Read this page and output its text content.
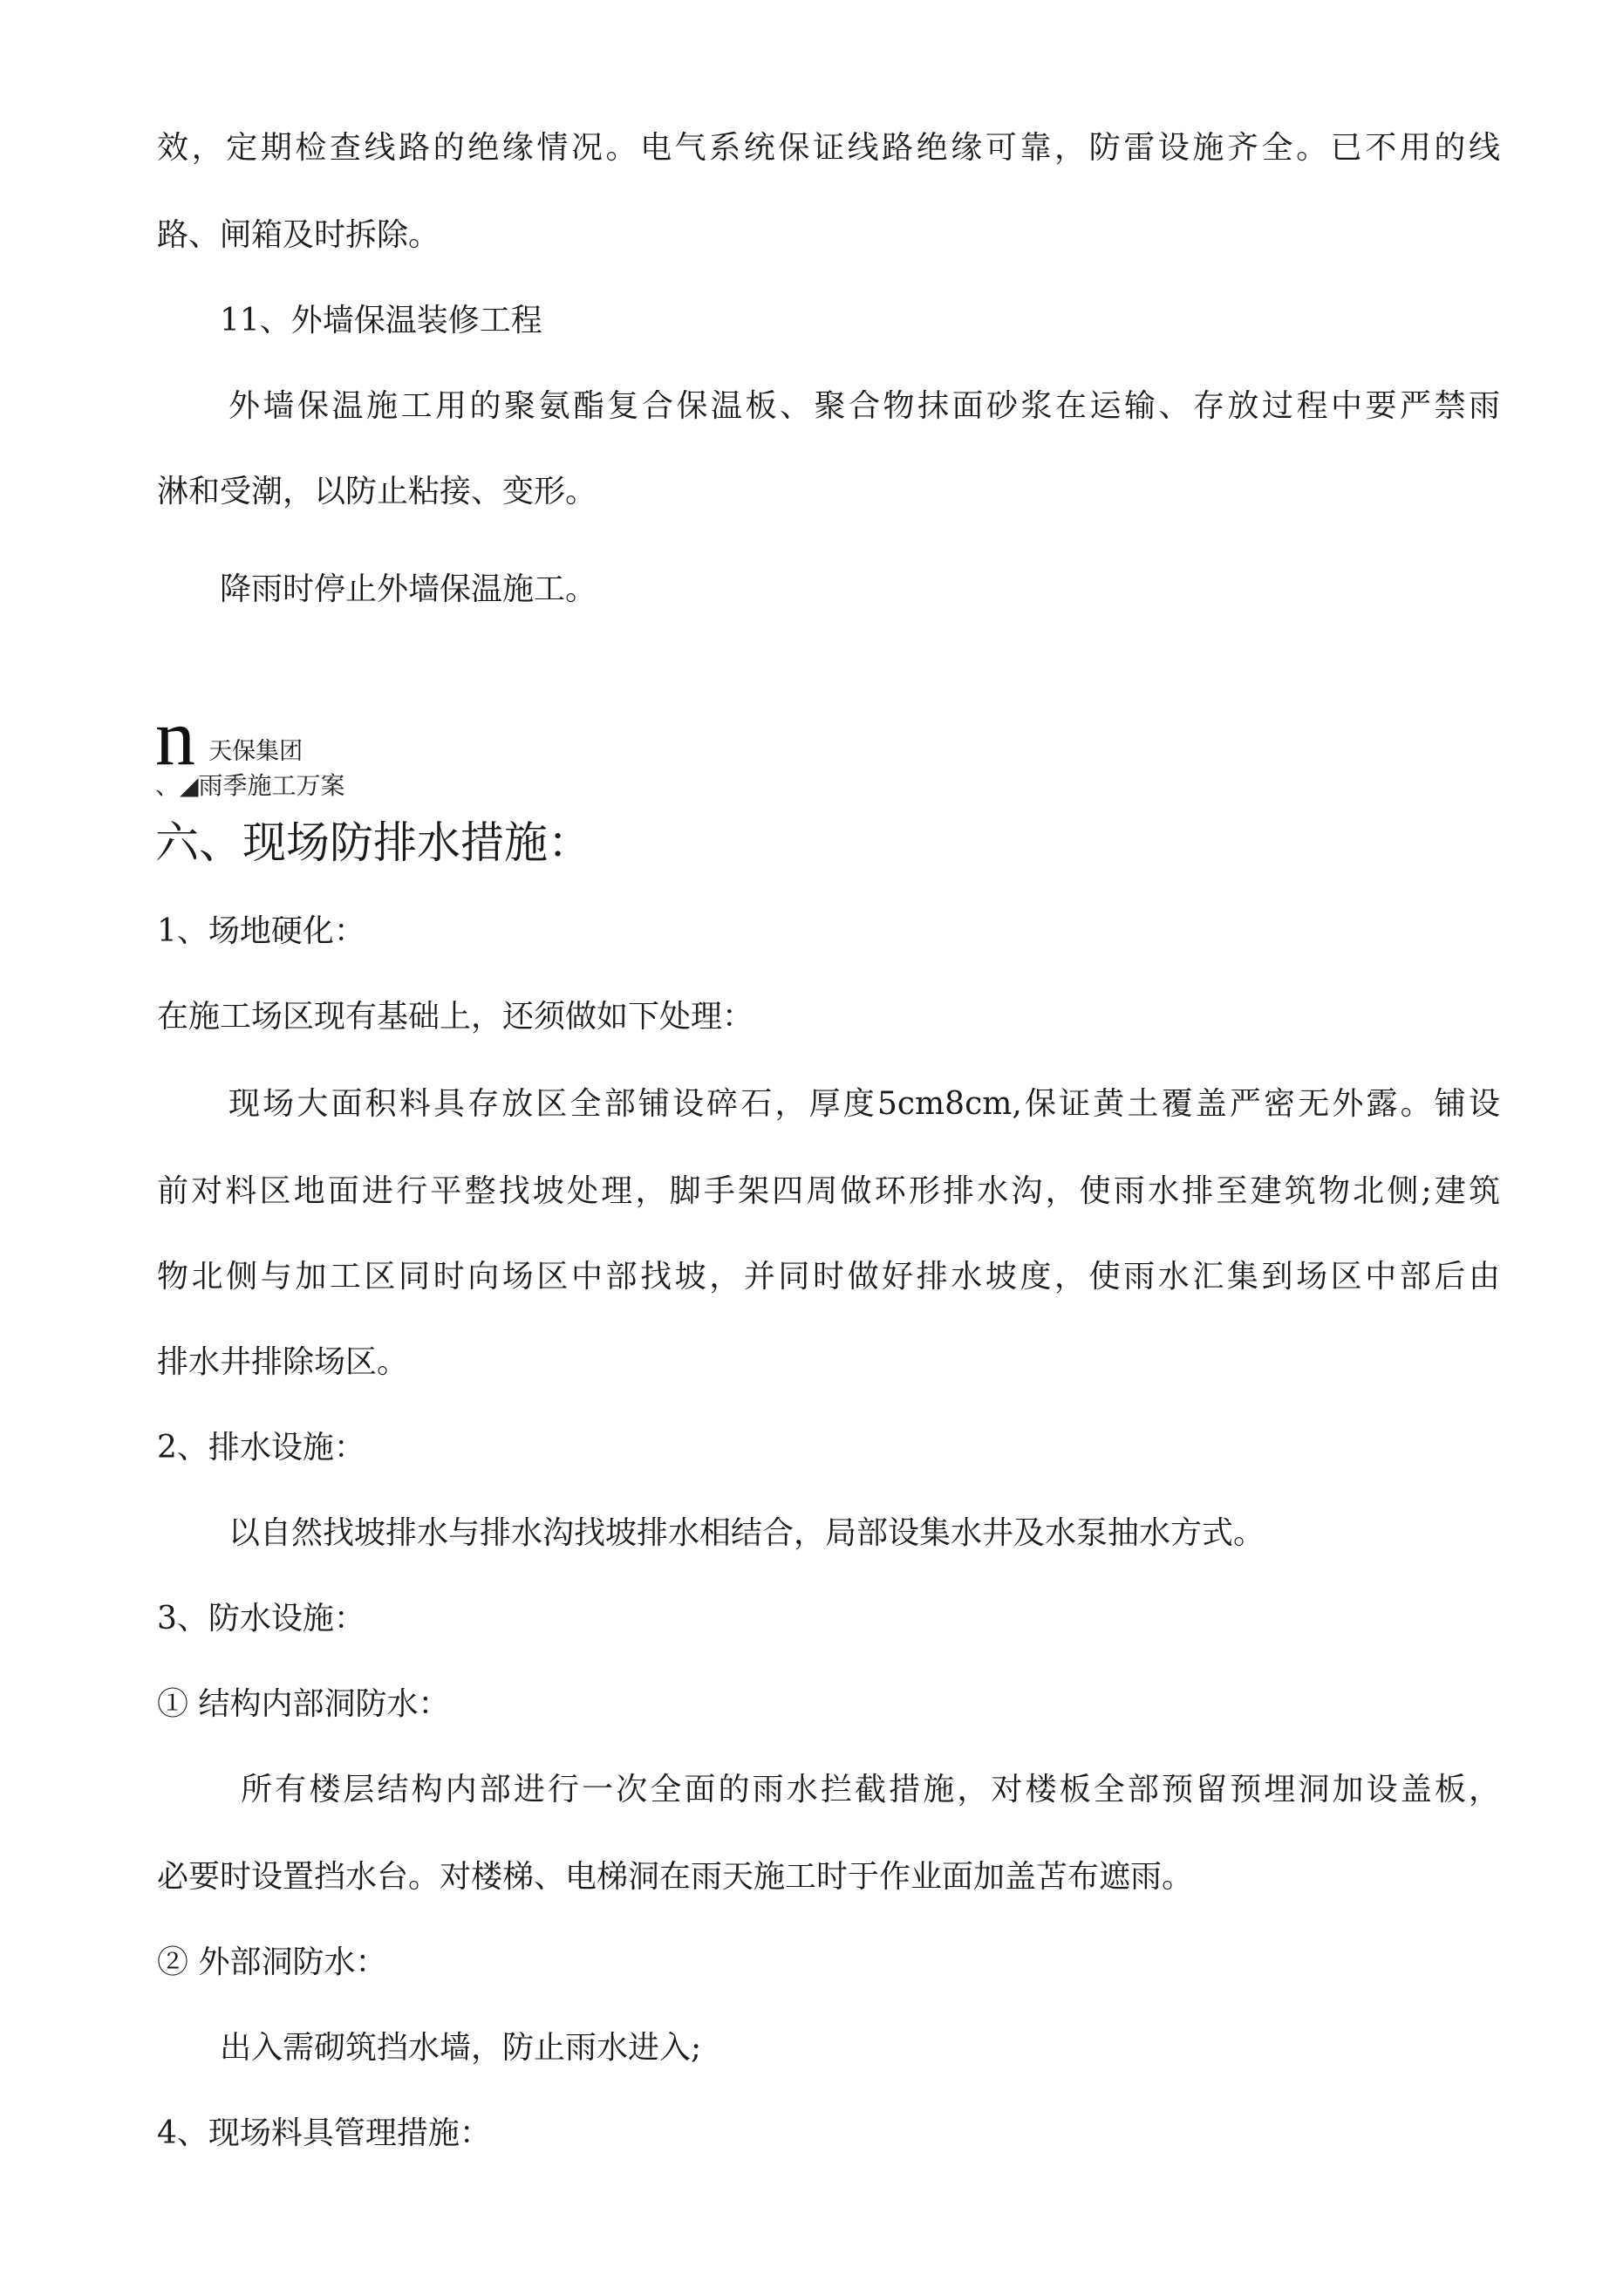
效，定期检查线路的绝缘情况。电气系统保证线路绝缘可靠，防雷设施齐全。已不用的线
路、闸箱及时拆除。
11、外墙保温装修工程
外墙保温施工用的聚氨酯复合保温板、聚合物抹面砂浆在运输、存放过程中要严禁雨
淋和受潮，以防止粘接、变形。
降雨时停止外墙保温施工。
n 天保集团
、◢雨季施工万案
六、现场防排水措施：
1、场地硬化：
在施工场区现有基础上，还须做如下处理：
现场大面积料具存放区全部铺设碎石，厚度5cm8cm,保证黄土覆盖严密无外露。铺设
前对料区地面进行平整找坡处理，脚手架四周做环形排水沟，使雨水排至建筑物北侧;建筑
物北侧与加工区同时向场区中部找坡，并同时做好排水坡度，使雨水汇集到场区中部后由
排水井排除场区。
2、排水设施：
以自然找坡排水与排水沟找坡排水相结合，局部设集水井及水泵抽水方式。
3、防水设施：
① 结构内部洞防水：
所有楼层结构内部进行一次全面的雨水拦截措施，对楼板全部预留预埋洞加设盖板，
必要时设置挡水台。对楼梯、电梯洞在雨天施工时于作业面加盖苫布遮雨。
② 外部洞防水：
出入需砌筑挡水墙，防止雨水进入;
4、现场料具管理措施：
